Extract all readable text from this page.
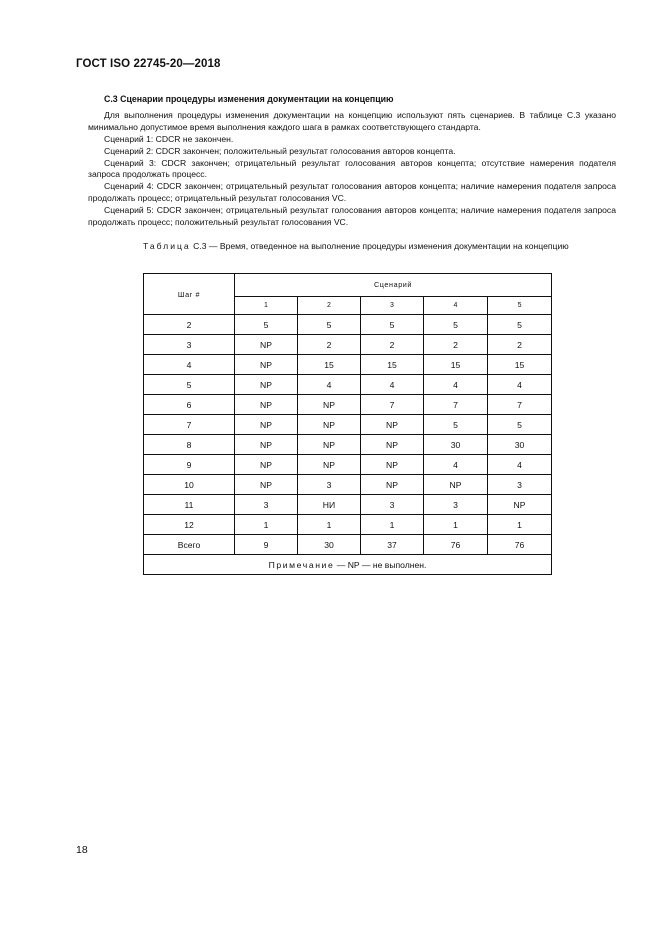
ГОСТ ISO 22745-20—2018

С.3 Сценарии процедуры изменения документации на концепцию

Для выполнения процедуры изменения документации на концепцию используют пять сценариев. В таблице С.3 указано минимально допустимое время выполнения каждого шага в рамках соответствующего стандарта.

Сценарий 1: CDCR не закончен.

Сценарий 2: CDCR закончен; положительный результат голосования авторов концепта.

Сценарий 3: CDCR закончен; отрицательный результат голосования авторов концепта; отсутствие намерения подателя запроса продолжать процесс.

Сценарий 4: CDCR закончен; отрицательный результат голосования авторов концепта; наличие намерения подателя запроса продолжать процесс; отрицательный результат голосования VC.

Сценарий 5: CDCR закончен; отрицательный результат голосования авторов концепта; наличие намерения подателя запроса продолжать процесс; положительный результат голосования VC.

Таблица С.3 — Время, отведенное на выполнение процедуры изменения документации на концепцию
Шаг #	Сценарий				
	1	2	3	4	5
2	5	5	5	5	5
3	NP	2	2	2	2
4	NP	15	15	15	15
5	NP	4	4	4	4
6	NP	NP	7	7	7
7	NP	NP	NP	5	5
8	NP	NP	NP	30	30
9	NP	NP	NP	4	4
10	NP	3	NP	NP	3
11	3	НИ	3	3	NP
12	1	1	1	1	1
Всего	9	30	37	76	76
Примечание — NP — не выполнен.					
18
